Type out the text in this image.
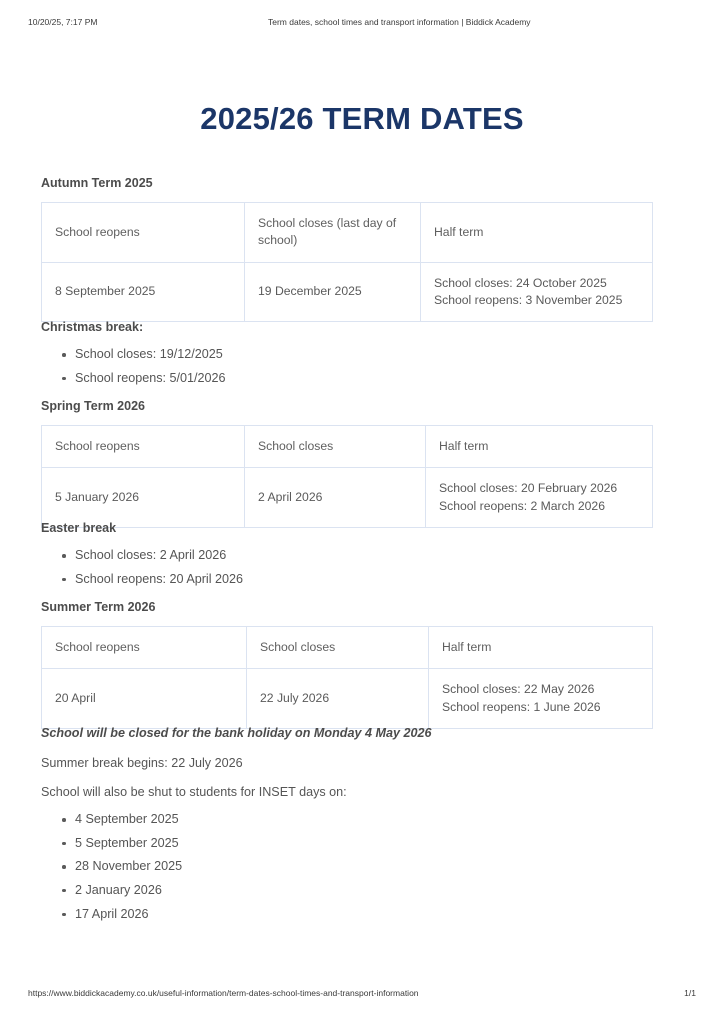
10/20/25, 7:17 PM	Term dates, school times and transport information | Biddick Academy
2025/26 TERM DATES
Autumn Term 2025
School reopens	School closes (last day of school)	Half term
8 September 2025	19 December 2025	School closes: 24 October 2025
School reopens: 3 November 2025
Christmas break:
School closes: 19/12/2025
School reopens: 5/01/2026
Spring Term 2026
School reopens	School closes	Half term
5 January 2026	2 April 2026	School closes: 20 February 2026
School reopens: 2 March 2026
Easter break
School closes: 2 April 2026
School reopens: 20 April 2026
Summer Term 2026
School reopens	School closes	Half term
20 April	22 July 2026	School closes: 22 May 2026
School reopens: 1 June 2026

School will be closed for the bank holiday on Monday 4 May 2026

Summer break begins: 22 July 2026

School will also be shut to students for INSET days on:

4 September 2025
5 September 2025
28 November 2025
2 January 2026
17 April 2026
https://www.biddickacademy.co.uk/useful-information/term-dates-school-times-and-transport-information	1/1
